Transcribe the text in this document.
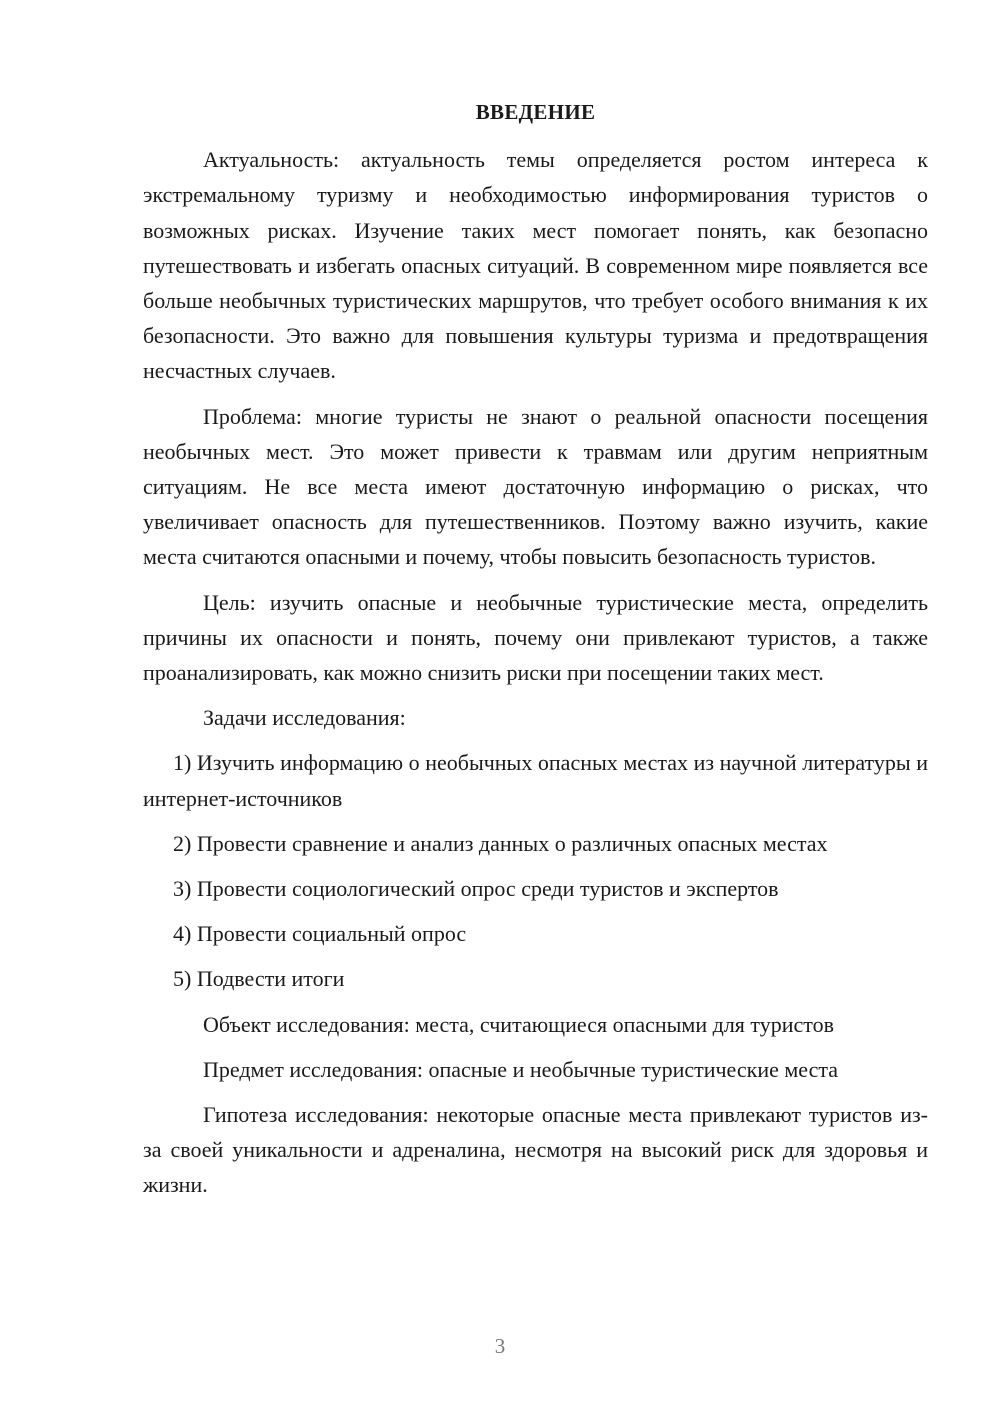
ВВЕДЕНИЕ

Актуальность: актуальность темы определяется ростом интереса к экстремальному туризму и необходимостью информирования туристов о возможных рисках. Изучение таких мест помогает понять, как безопасно путешествовать и избегать опасных ситуаций. В современном мире появляется все больше необычных туристических маршрутов, что требует особого внимания к их безопасности. Это важно для повышения культуры туризма и предотвращения несчастных случаев.

Проблема: многие туристы не знают о реальной опасности посещения необычных мест. Это может привести к травмам или другим неприятным ситуациям. Не все места имеют достаточную информацию о рисках, что увеличивает опасность для путешественников. Поэтому важно изучить, какие места считаются опасными и почему, чтобы повысить безопасность туристов.

Цель: изучить опасные и необычные туристические места, определить причины их опасности и понять, почему они привлекают туристов, а также проанализировать, как можно снизить риски при посещении таких мест.

Задачи исследования:

1) Изучить информацию о необычных опасных местах из научной литературы и интернет-источников

2) Провести сравнение и анализ данных о различных опасных местах

3) Провести социологический опрос среди туристов и экспертов

4) Провести социальный опрос

5) Подвести итоги

Объект исследования: места, считающиеся опасными для туристов

Предмет исследования: опасные и необычные туристические места

Гипотеза исследования: некоторые опасные места привлекают туристов из-за своей уникальности и адреналина, несмотря на высокий риск для здоровья и жизни.

3
